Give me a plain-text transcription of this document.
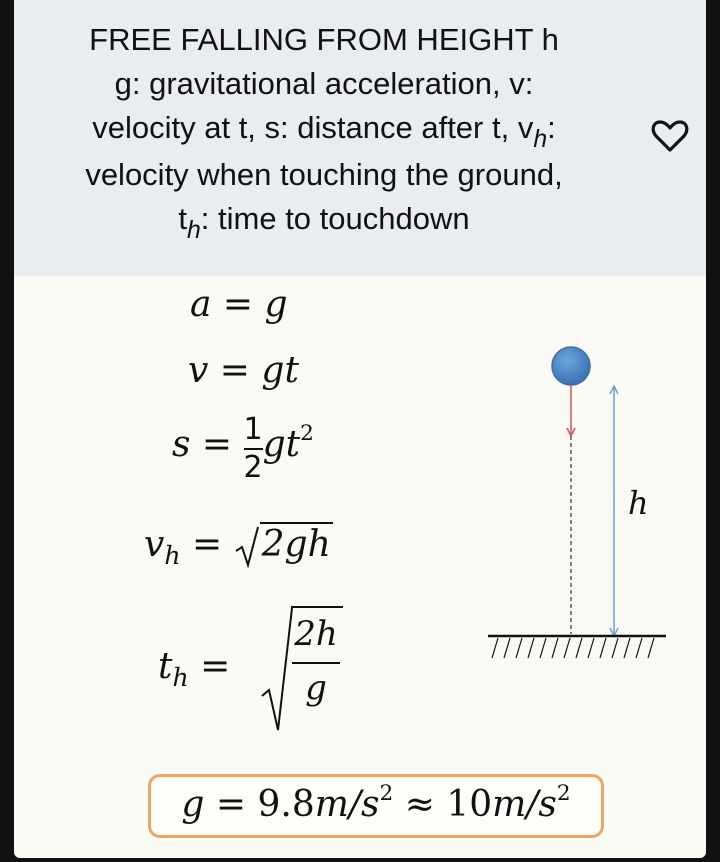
FREE FALLING FROM HEIGHT h
g: gravitational acceleration, v:
velocity at t, s: distance after t, $v_h$:
velocity when touching the ground,
$t_h$: time to touchdown
a = g
v = gt
$s = \frac{1}{2} gt^2$
$v_h = 2gh$
$t_h$ =
2h
g
h
$g = 9.8m/s^2 \approx 10m/s^2$
